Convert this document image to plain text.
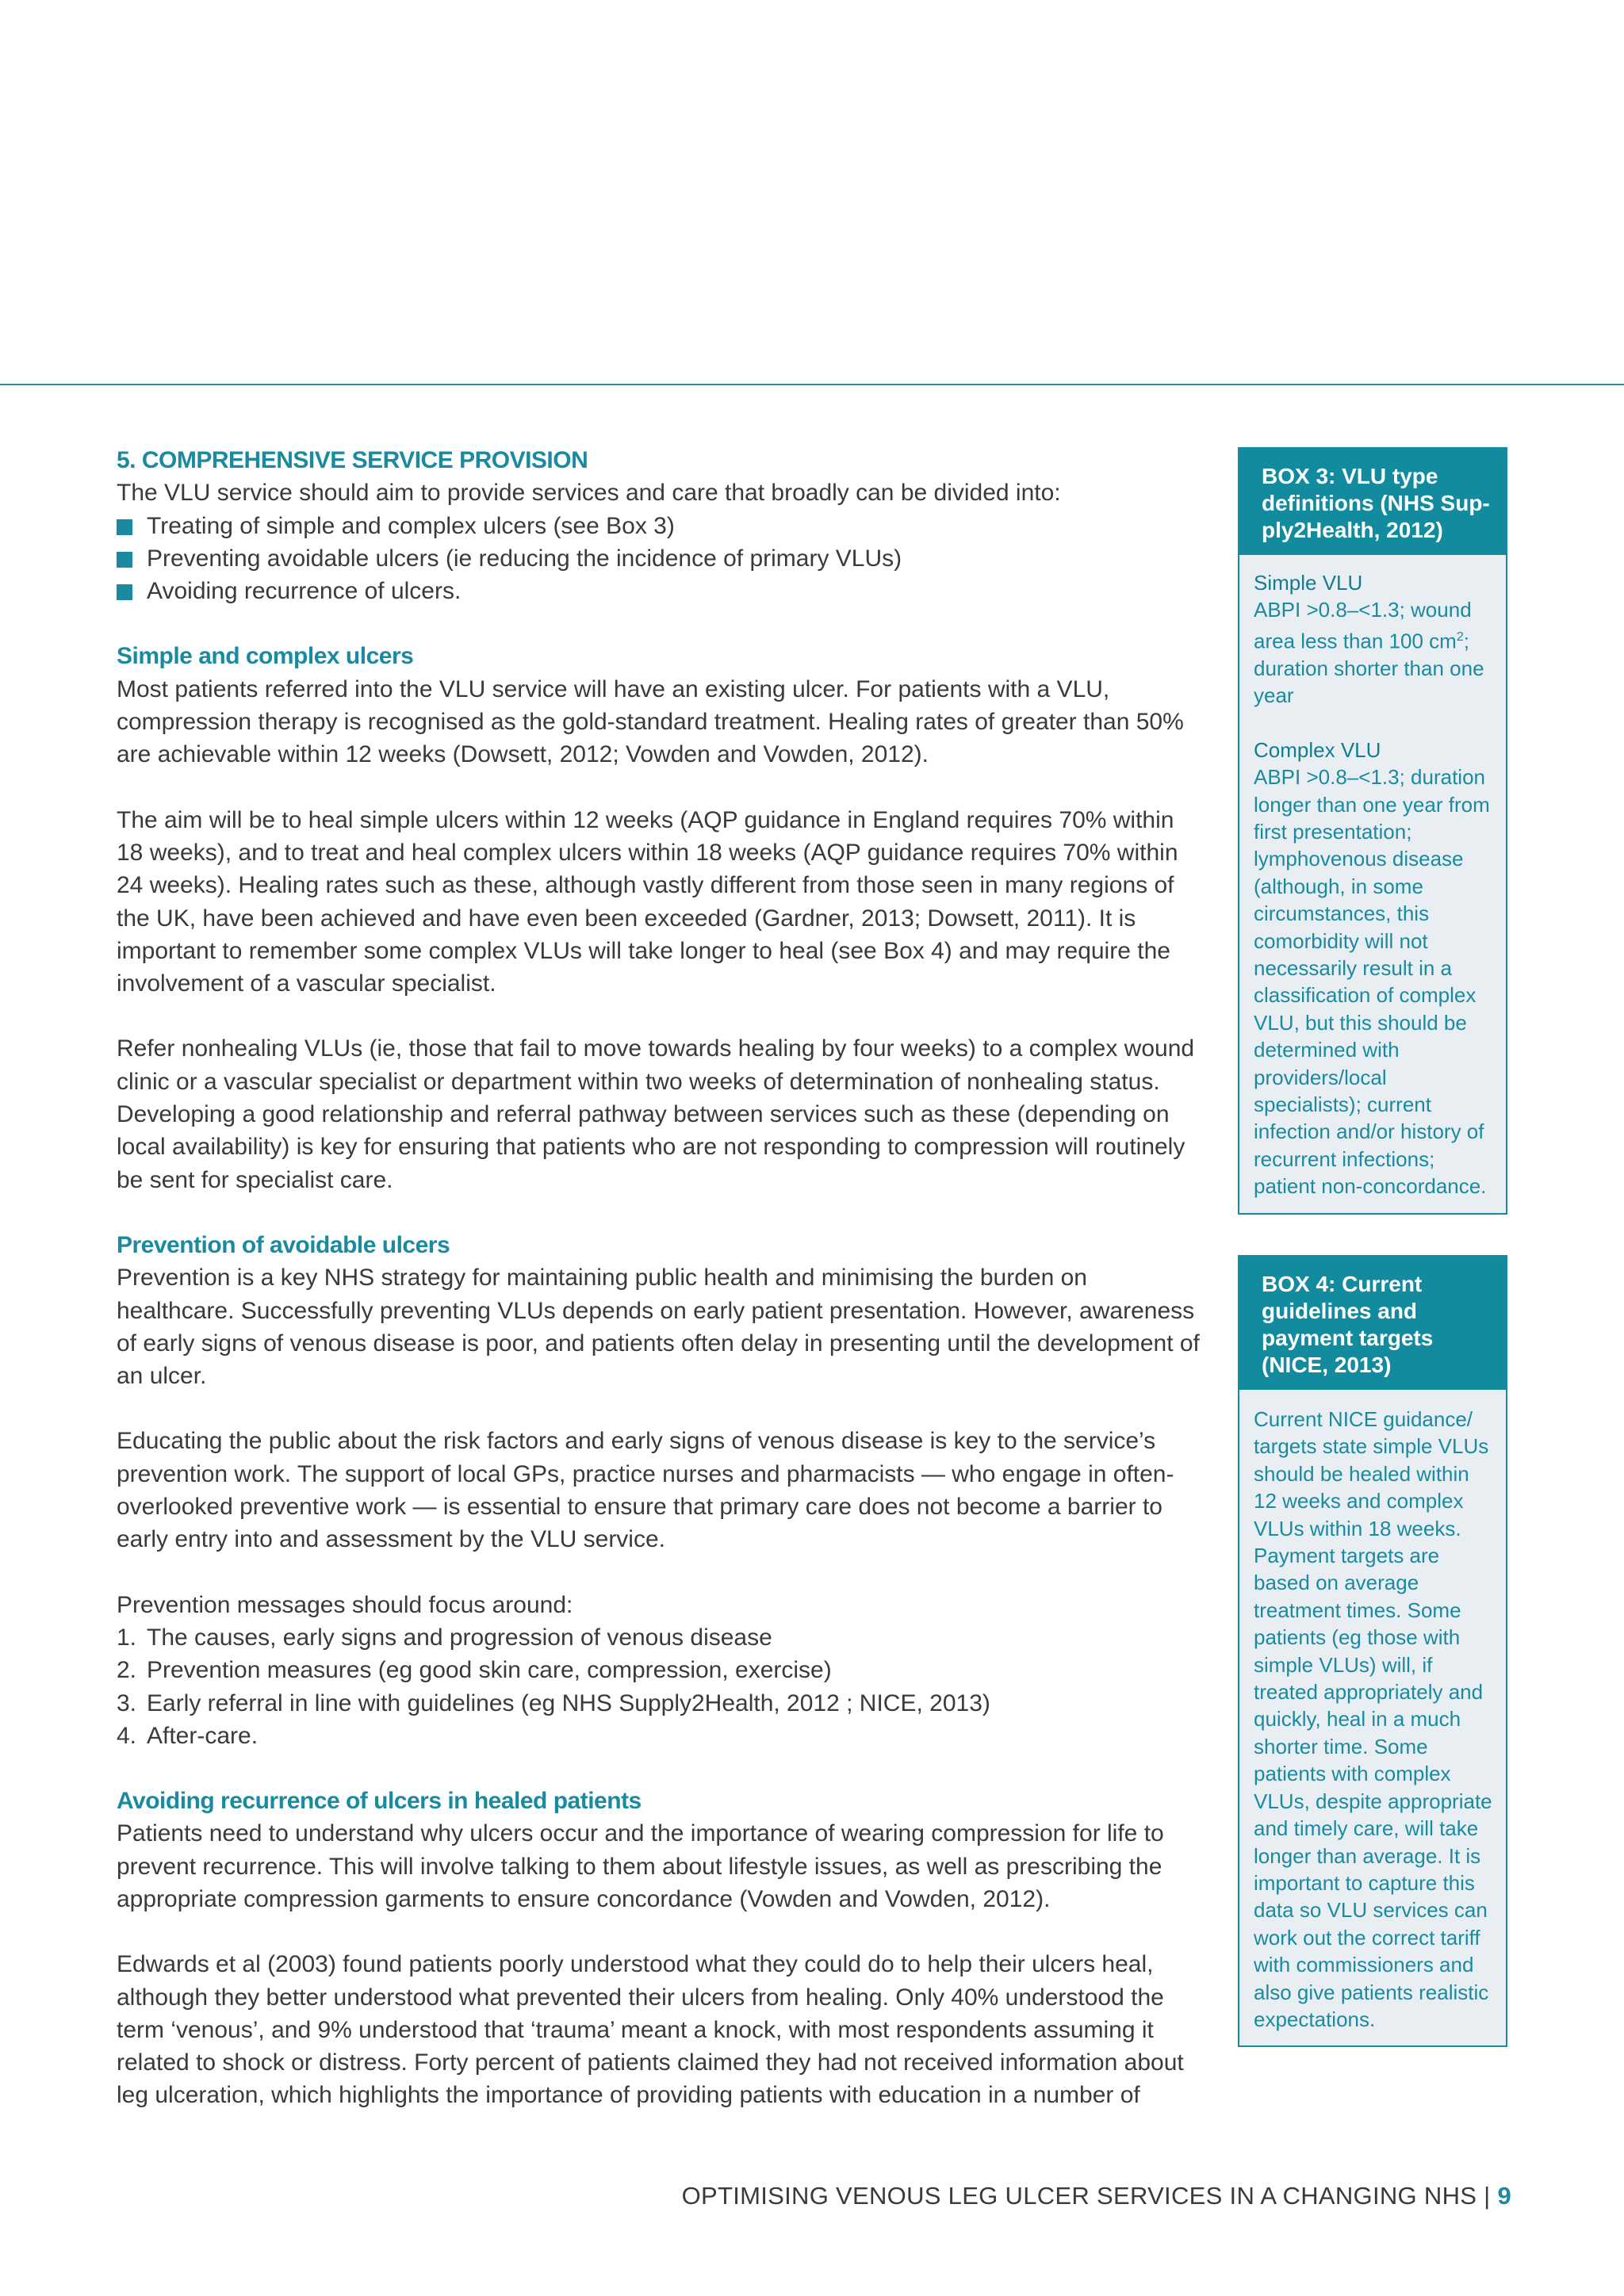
5. COMPREHENSIVE SERVICE PROVISION

The VLU service should aim to provide services and care that broadly can be divided into:

Treating of simple and complex ulcers (see Box 3)
Preventing avoidable ulcers (ie reducing the incidence of primary VLUs)
Avoiding recurrence of ulcers.

Simple and complex ulcers

Most patients referred into the VLU service will have an existing ulcer. For patients with a VLU, compression therapy is recognised as the gold-standard treatment. Healing rates of greater than 50% are achievable within 12 weeks (Dowsett, 2012; Vowden and Vowden, 2012).

The aim will be to heal simple ulcers within 12 weeks (AQP guidance in England requires 70% within 18 weeks), and to treat and heal complex ulcers within 18 weeks (AQP guidance requires 70% within 24 weeks). Healing rates such as these, although vastly different from those seen in many regions of the UK, have been achieved and have even been exceeded (Gardner, 2013; Dowsett, 2011). It is important to remember some complex VLUs will take longer to heal (see Box 4) and may require the involvement of a vascular specialist.

Refer nonhealing VLUs (ie, those that fail to move towards healing by four weeks) to a complex wound clinic or a vascular specialist or department within two weeks of determination of nonhealing status. Developing a good relationship and referral pathway between services such as these (depending on local availability) is key for ensuring that patients who are not responding to compression will routinely be sent for specialist care.

Prevention of avoidable ulcers

Prevention is a key NHS strategy for maintaining public health and minimising the burden on healthcare. Successfully preventing VLUs depends on early patient presentation. However, awareness of early signs of venous disease is poor, and patients often delay in presenting until the development of an ulcer.

Educating the public about the risk factors and early signs of venous disease is key to the service’s prevention work. The support of local GPs, practice nurses and pharmacists — who engage in often-overlooked preventive work — is essential to ensure that primary care does not become a barrier to early entry into and assessment by the VLU service.

Prevention messages should focus around:

1. The causes, early signs and progression of venous disease
2. Prevention measures (eg good skin care, compression, exercise)
3. Early referral in line with guidelines (eg NHS Supply2Health, 2012 ; NICE, 2013)
4. After-care.

Avoiding recurrence of ulcers in healed patients

Patients need to understand why ulcers occur and the importance of wearing compression for life to prevent recurrence. This will involve talking to them about lifestyle issues, as well as prescribing the appropriate compression garments to ensure concordance (Vowden and Vowden, 2012).

Edwards et al (2003) found patients poorly understood what they could do to help their ulcers heal, although they better understood what prevented their ulcers from healing. Only 40% understood the term ‘venous’, and 9% understood that ‘trauma’ meant a knock, with most respondents assuming it related to shock or distress. Forty percent of patients claimed they had not received information about leg ulceration, which highlights the importance of providing patients with education in a number of

BOX 3: VLU type definitions (NHS Sup-ply2Health, 2012)

Simple VLU

ABPI >0.8–<1.3; wound area less than 100 $cm^2$; duration shorter than one year

Complex VLU

ABPI >0.8–<1.3; duration longer than one year from first presentation; lymphovenous disease (although, in some circumstances, this comorbidity will not necessarily result in a classification of complex VLU, but this should be determined with providers/local specialists); current infection and/or history of recurrent infections; patient non-concordance.

BOX 4: Current guidelines and payment targets (NICE, 2013)

Current NICE guidance/ targets state simple VLUs should be healed within 12 weeks and complex VLUs within 18 weeks. Payment targets are based on average treatment times. Some patients (eg those with simple VLUs) will, if treated appropriately and quickly, heal in a much shorter time. Some patients with complex VLUs, despite appropriate and timely care, will take longer than average. It is important to capture this data so VLU services can work out the correct tariff with commissioners and also give patients realistic expectations.

OPTIMISING VENOUS LEG ULCER SERVICES IN A CHANGING NHS | 9
